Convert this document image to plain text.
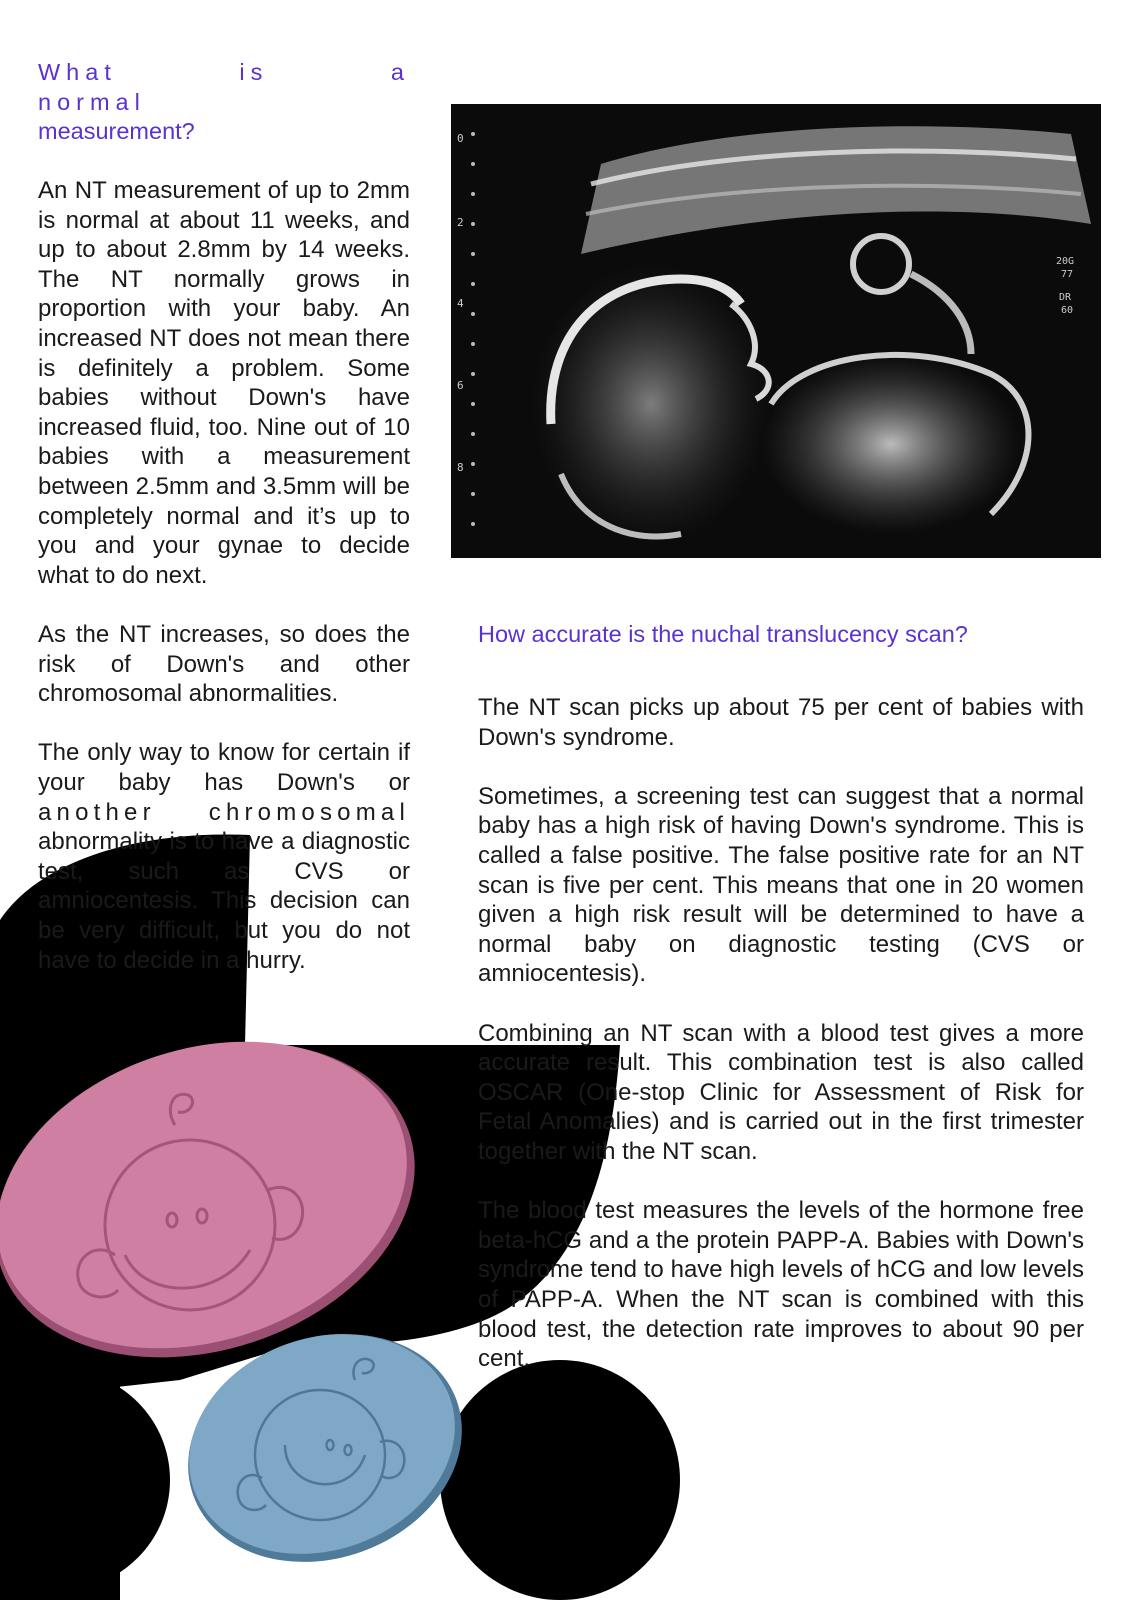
0
2
4
6
8
20G
77
DR
60
What is a normal
measurement?

An NT measurement of up to 2mm is normal at about 11 weeks, and up to about 2.8mm by 14 weeks. The NT normally grows in proportion with your baby. An increased NT does not mean there is definitely a problem. Some babies without Down's have increased fluid, too. Nine out of 10 babies with a measurement between 2.5mm and 3.5mm will be completely normal and it’s up to you and your gynae to decide what to do next.

As the NT increases, so does the risk of Down's and other chromosomal abnormalities.

The only way to know for certain if your baby has Down's or another chromosomal abnormality is to have a diagnostic test, such as CVS or amniocentesis. This decision can be very difficult, but you do not have to decide in a hurry.

How accurate is the nuchal translucency scan?

The NT scan picks up about 75 per cent of babies with Down's syndrome.

Sometimes, a screening test can suggest that a normal baby has a high risk of having Down's syndrome. This is called a false positive. The false positive rate for an NT scan is five per cent. This means that one in 20 women given a high risk result will be determined to have a normal baby on diagnostic testing (CVS or amniocentesis).

Combining an NT scan with a blood test gives a more accurate result. This combination test is also called OSCAR (One-stop Clinic for Assessment of Risk for Fetal Anomalies) and is carried out in the first trimester together with the NT scan.

The blood test measures the levels of the hormone free beta-hCG and a the protein PAPP-A. Babies with Down's syndrome tend to have high levels of hCG and low levels of PAPP-A. When the NT scan is combined with this blood test, the detection rate improves to about 90 per cent.
